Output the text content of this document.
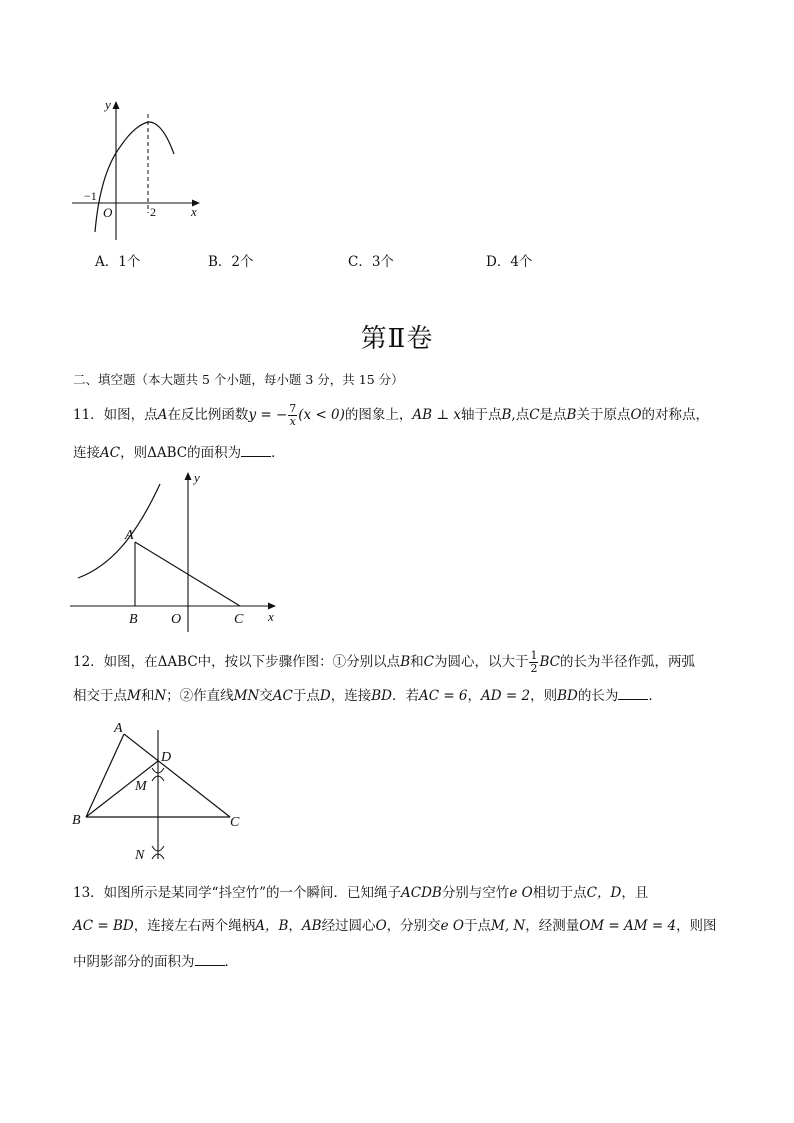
y
x
O
−1
2
A．1个	B．2个	C．3个	D．4个
第Ⅱ卷
二、填空题（本大题共 5 个小题，每小题 3 分，共 15 分）
11．如图，点A在反比例函数y = − $\frac{7}{x} (x < 0)$的图象上，AB ⊥ x轴于点B,点C是点B关于原点O的对称点，
连接AC，则ΔABC的面积为 ．
A
B O	C x
y
12．如图，在ΔABC中，按以下步骤作图：①分别以点B和C为圆心，以大于 $\frac{1}{2}$ BC的长为半径作弧，两弧
相交于点M和N；②作直线MN交AC于点D，连接BD．若AC = 6，AD = 2，则BD的长为 ．
A
B	C
D
M
N
13．如图所示是某同学“抖空竹”的一个瞬间．已知绳子ACDB分别与空竹e O相切于点C，D，且
AC = BD，连接左右两个绳柄A，B，AB经过圆心O，分别交e O于点M, N，经测量OM = AM = 4，则图
中阴影部分的面积为 ．
